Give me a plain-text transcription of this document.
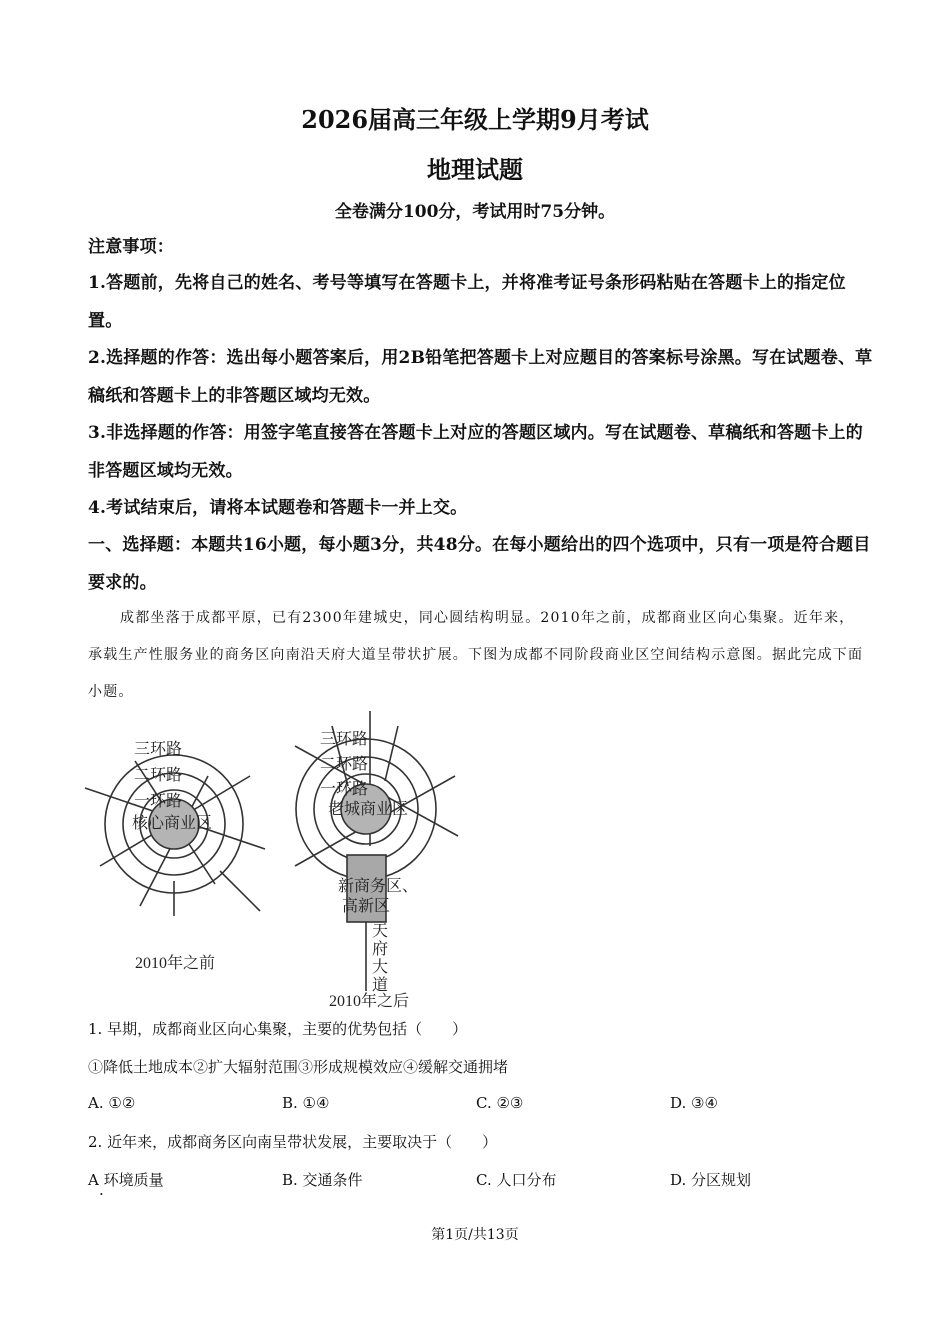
2026届高三年级上学期9月考试
地理试题
全卷满分100分，考试用时75分钟。
注意事项：
1.答题前，先将自己的姓名、考号等填写在答题卡上，并将准考证号条形码粘贴在答题卡上的指定位置。
2.选择题的作答：选出每小题答案后，用2B铅笔把答题卡上对应题目的答案标号涂黑。写在试题卷、草稿纸和答题卡上的非答题区域均无效。
3.非选择题的作答：用签字笔直接答在答题卡上对应的答题区域内。写在试题卷、草稿纸和答题卡上的非答题区域均无效。
4.考试结束后，请将本试题卷和答题卡一并上交。
一、选择题：本题共16小题，每小题3分，共48分。在每小题给出的四个选项中，只有一项是符合题目要求的。
成都坐落于成都平原，已有2300年建城史，同心圆结构明显。2010年之前，成都商业区向心集聚。近年来，承载生产性服务业的商务区向南沿天府大道呈带状扩展。下图为成都不同阶段商业区空间结构示意图。据此完成下面小题。
三环路
二环路
一环路
核心商业区
2010年之前
三环路
二环路
一环路
老城商业区
新商务区、
高新区
天
府
大
道
2010年之后
1. 早期，成都商业区向心集聚，主要的优势包括（　　）
①降低土地成本②扩大辐射范围③形成规模效应④缓解交通拥堵
A. ①②	B. ①④	C. ②③	D. ③④
2. 近年来，成都商务区向南呈带状发展，主要取决于（　　）
A 环境质量	B. 交通条件	C. 人口分布	D. 分区规划
·
第1页/共13页
